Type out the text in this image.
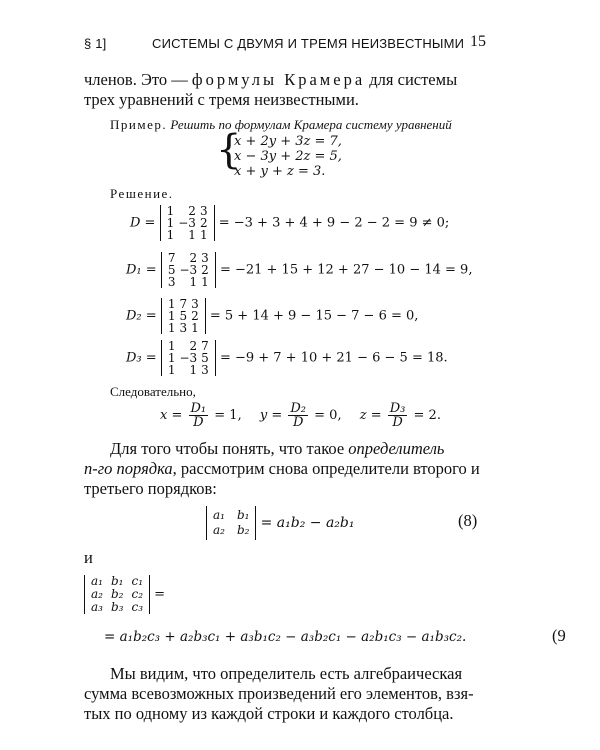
§ 1]	СИСТЕМЫ С ДВУМЯ И ТРЕМЯ НЕИЗВЕСТНЫМИ 15
членов. Это — формулы Крамера для системы
трех уравнений с тремя неизвестными.
Пример. Решить по формулам Крамера систему уравнений
{
x + 2y + 3z = 7,
x − 3y + 2z = 5,
x + y + z = 3.
Решение.
D =
1	2	3
1	−3	2
1	1	1
= −3 + 3 + 4 + 9 − 2 − 2 = 9 ≠ 0;
D₁ =
7	2	3
5	−3	2
3	1	1
= −21 + 15 + 12 + 27 − 10 − 14 = 9,
D₂ =
1	7	3
1	5	2
1	3	1
= 5 + 14 + 9 − 15 − 7 − 6 = 0,
D₃ =
1	2	7
1	−3	5
1	1	3
= −9 + 7 + 10 + 21 − 6 − 5 = 18.
Следовательно,
$x = \frac{\text{D₁}}{D} = 1$, $y = \frac{\text{D₂}}{D} = 0$, $z = \frac{\text{D₃}}{D} = 2$.
Для того чтобы понять, что такое определитель
n-го порядка, рассмотрим снова определители второго и
третьего порядков:
a₁	b₁
a₂	b₂ = a₁b₂ − a₂b₁	(8)
и
a₁	b₁	c₁
a₂	b₂	c₂
a₃	b₃	c₃
=
= a₁b₂c₃ + a₂b₃c₁ + a₃b₁c₂ − a₃b₂c₁ − a₂b₁c₃ − a₁b₃c₂.	(9
Мы видим, что определитель есть алгебраическая
сумма всевозможных произведений его элементов, взя-
тых по одному из каждой строки и каждого столбца.
